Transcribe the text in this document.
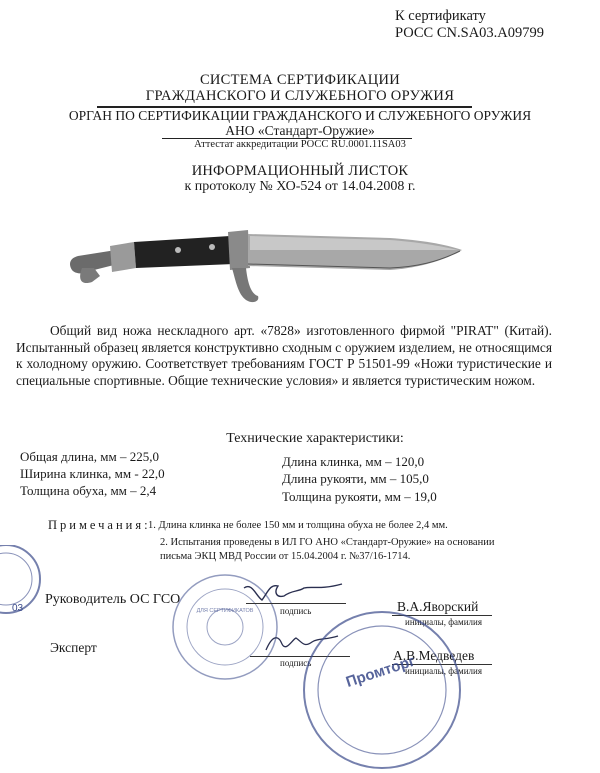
К сертификату
РОСС CN.SA03.A09799
СИСТЕМА СЕРТИФИКАЦИИ
ГРАЖДАНСКОГО И СЛУЖЕБНОГО ОРУЖИЯ
ОРГАН ПО СЕРТИФИКАЦИИ ГРАЖДАНСКОГО И СЛУЖЕБНОГО ОРУЖИЯ
АНО «Стандарт-Оружие»
Аттестат аккредитации РОСС RU.0001.11SA03
ИНФОРМАЦИОННЫЙ ЛИСТОК
к протоколу № ХО-524 от 14.04.2008 г.
Общий вид ножа нескладного арт. «7828» изготовленного фирмой "PIRAT" (Китай). Испытанный образец является конструктивно сходным с оружием изделием, не относящимся к холодному оружию. Соответствует требованиям ГОСТ Р 51501-99 «Ножи туристические и специальные спортивные. Общие технические условия» и является туристическим ножом.
Технические характеристики:
Общая длина, мм – 225,0
Ширина клинка, мм - 22,0
Толщина обуха, мм – 2,4
Длина клинка, мм – 120,0
Длина рукояти, мм – 105,0
Толщина рукояти, мм – 19,0
Примечания:
1. Длина клинка не более 150 мм и толщина обуха не более 2,4 мм.
2. Испытания проведены в ИЛ ГО АНО «Стандарт-Оружие» на основании
письма ЭКЦ МВД России от 15.04.2004 г. №37/16-1714.
03	ДЛЯ СЕРТИФИКАТОВ
Руководитель ОС ГСО
подпись	В.А.Яворский
инициалы, фамилия
Эксперт
подпись	А.В.Медведев
инициалы, фамилия
Промторг
